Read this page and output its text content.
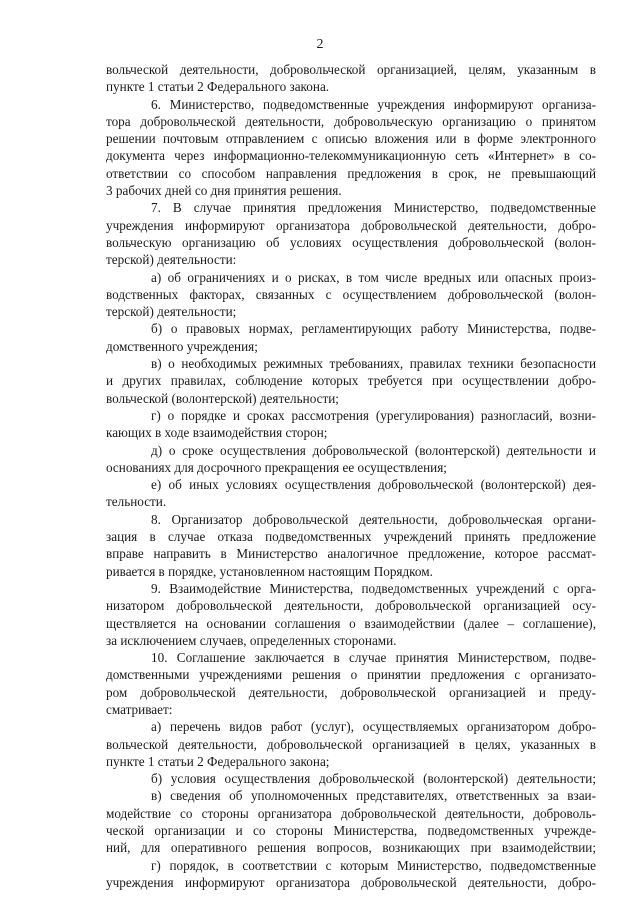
2
вольческой деятельности, добровольческой организацией, целям, указанным в
пункте 1 статьи 2 Федерального закона.
6. Министерство, подведомственные учреждения информируют организа-
тора добровольческой деятельности, добровольческую организацию о принятом
решении почтовым отправлением с описью вложения или в форме электронного
документа через информационно-телекоммуникационную сеть «Интернет» в со-
ответствии со способом направления предложения в срок, не превышающий
3 рабочих дней со дня принятия решения.
7. В случае принятия предложения Министерство, подведомственные
учреждения информируют организатора добровольческой деятельности, добро-
вольческую организацию об условиях осуществления добровольческой (волон-
терской) деятельности:
а) об ограничениях и о рисках, в том числе вредных или опасных произ-
водственных факторах, связанных с осуществлением добровольческой (волон-
терской) деятельности;
б) о правовых нормах, регламентирующих работу Министерства, подве-
домственного учреждения;
в) о необходимых режимных требованиях, правилах техники безопасности
и других правилах, соблюдение которых требуется при осуществлении добро-
вольческой (волонтерской) деятельности;
г) о порядке и сроках рассмотрения (урегулирования) разногласий, возни-
кающих в ходе взаимодействия сторон;
д) о сроке осуществления добровольческой (волонтерской) деятельности и
основаниях для досрочного прекращения ее осуществления;
е) об иных условиях осуществления добровольческой (волонтерской) дея-
тельности.
8. Организатор добровольческой деятельности, добровольческая органи-
зация в случае отказа подведомственных учреждений принять предложение
вправе направить в Министерство аналогичное предложение, которое рассмат-
ривается в порядке, установленном настоящим Порядком.
9. Взаимодействие Министерства, подведомственных учреждений с орга-
низатором добровольческой деятельности, добровольческой организацией осу-
ществляется на основании соглашения о взаимодействии (далее – соглашение),
за исключением случаев, определенных сторонами.
10. Соглашение заключается в случае принятия Министерством, подве-
домственными учреждениями решения о принятии предложения с организато-
ром добровольческой деятельности, добровольческой организацией и преду-
сматривает:
а) перечень видов работ (услуг), осуществляемых организатором добро-
вольческой деятельности, добровольческой организацией в целях, указанных в
пункте 1 статьи 2 Федерального закона;
б) условия осуществления добровольческой (волонтерской) деятельности;
в) сведения об уполномоченных представителях, ответственных за взаи-
модействие со стороны организатора добровольческой деятельности, доброволь-
ческой организации и со стороны Министерства, подведомственных учрежде-
ний, для оперативного решения вопросов, возникающих при взаимодействии;
г) порядок, в соответствии с которым Министерство, подведомственные
учреждения информируют организатора добровольческой деятельности, добро-
